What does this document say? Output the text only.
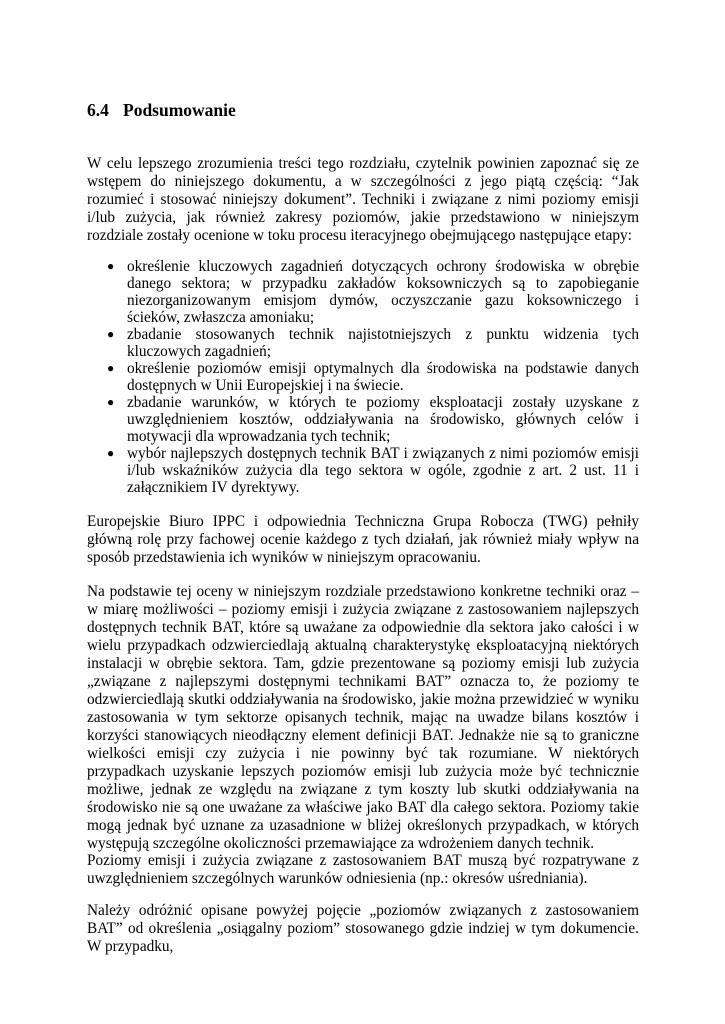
6.4 Podsumowanie

W celu lepszego zrozumienia treści tego rozdziału, czytelnik powinien zapoznać się ze wstępem do niniejszego dokumentu, a w szczególności z jego piątą częścią: “Jak rozumieć i stosować niniejszy dokument”. Techniki i związane z nimi poziomy emisji i/lub zużycia, jak również zakresy poziomów, jakie przedstawiono w niniejszym rozdziale zostały ocenione w toku procesu iteracyjnego obejmującego następujące etapy:

● określenie kluczowych zagadnień dotyczących ochrony środowiska w obrębie danego sektora; w przypadku zakładów koksowniczych są to zapobieganie niezorganizowanym emisjom dymów, oczyszczanie gazu koksowniczego i ścieków, zwłaszcza amoniaku;
● zbadanie stosowanych technik najistotniejszych z punktu widzenia tych kluczowych zagadnień;
● określenie poziomów emisji optymalnych dla środowiska na podstawie danych dostępnych w Unii Europejskiej i na świecie.
● zbadanie warunków, w których te poziomy eksploatacji zostały uzyskane z uwzględnieniem kosztów, oddziaływania na środowisko, głównych celów i motywacji dla wprowadzania tych technik;
● wybór najlepszych dostępnych technik BAT i związanych z nimi poziomów emisji i/lub wskaźników zużycia dla tego sektora w ogóle, zgodnie z art. 2 ust. 11 i załącznikiem IV dyrektywy.

Europejskie Biuro IPPC i odpowiednia Techniczna Grupa Robocza (TWG) pełniły główną rolę przy fachowej ocenie każdego z tych działań, jak również miały wpływ na sposób przedstawienia ich wyników w niniejszym opracowaniu.

Na podstawie tej oceny w niniejszym rozdziale przedstawiono konkretne techniki oraz – w miarę możliwości – poziomy emisji i zużycia związane z zastosowaniem najlepszych dostępnych technik BAT, które są uważane za odpowiednie dla sektora jako całości i w wielu przypadkach odzwierciedlają aktualną charakterystykę eksploatacyjną niektórych instalacji w obrębie sektora. Tam, gdzie prezentowane są poziomy emisji lub zużycia „związane z najlepszymi dostępnymi technikami BAT” oznacza to, że poziomy te odzwierciedlają skutki oddziaływania na środowisko, jakie można przewidzieć w wyniku zastosowania w tym sektorze opisanych technik, mając na uwadze bilans kosztów i korzyści stanowiących nieodłączny element definicji BAT. Jednakże nie są to graniczne wielkości emisji czy zużycia i nie powinny być tak rozumiane. W niektórych przypadkach uzyskanie lepszych poziomów emisji lub zużycia może być technicznie możliwe, jednak ze względu na związane z tym koszty lub skutki oddziaływania na środowisko nie są one uważane za właściwe jako BAT dla całego sektora. Poziomy takie mogą jednak być uznane za uzasadnione w bliżej określonych przypadkach, w których występują szczególne okoliczności przemawiające za wdrożeniem danych technik.

Poziomy emisji i zużycia związane z zastosowaniem BAT muszą być rozpatrywane z uwzględnieniem szczególnych warunków odniesienia (np.: okresów uśredniania).

Należy odróżnić opisane powyżej pojęcie „poziomów związanych z zastosowaniem BAT” od określenia „osiągalny poziom” stosowanego gdzie indziej w tym dokumencie. W przypadku,
